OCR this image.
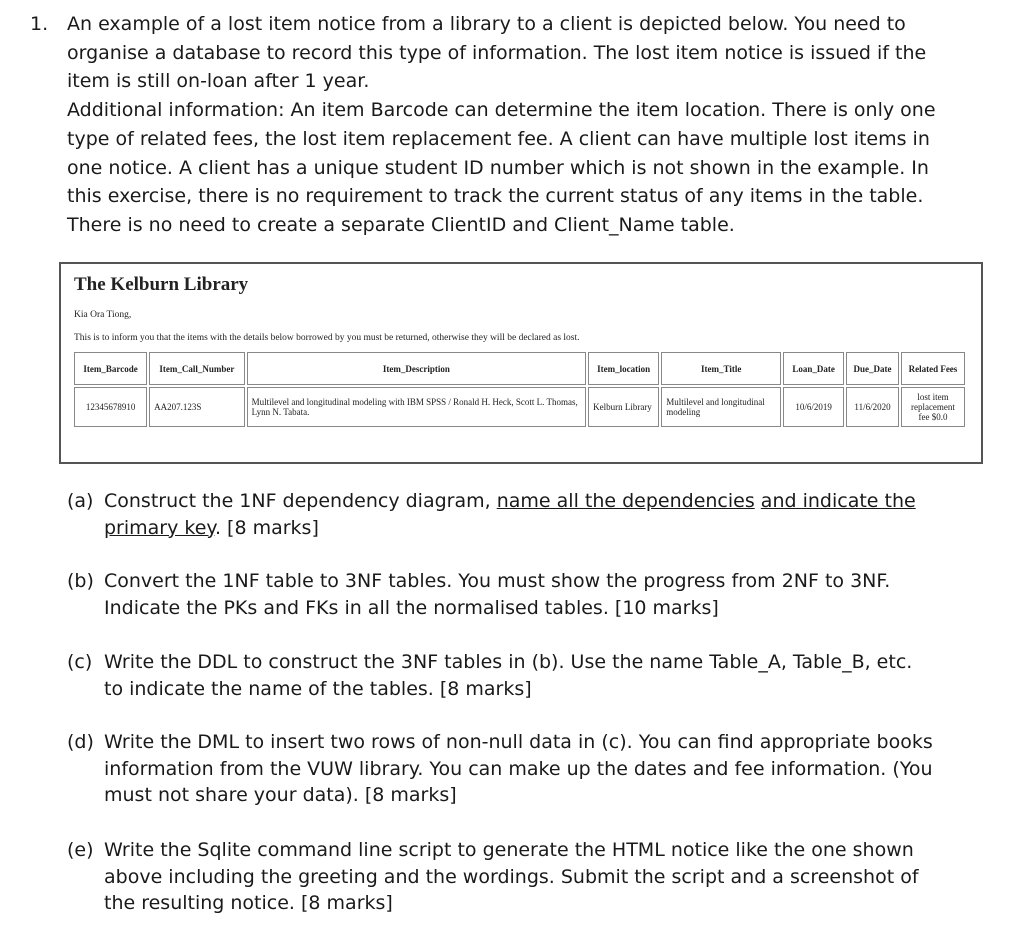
1. An example of a lost item notice from a library to a client is depicted below. You need to organise a database to record this type of information. The lost item notice is issued if the item is still on-loan after 1 year.

Additional information: An item Barcode can determine the item location. There is only one type of related fees, the lost item replacement fee. A client can have multiple lost items in one notice. A client has a unique student ID number which is not shown in the example. In this exercise, there is no requirement to track the current status of any items in the table. There is no need to create a separate ClientID and Client_Name table.

The Kelburn Library
Kia Ora Tiong,
This is to inform you that the items with the details below borrowed by you must be returned, otherwise they will be declared as lost.
Item_Barcode	Item_Call_Number	Item_Description	Item_location	Item_Title	Loan_Date	Due_Date	Related Fees
12345678910	AA207.123S	Multilevel and longitudinal modeling with IBM SPSS / Ronald H. Heck, Scott L. Thomas, Lynn N. Tabata.	Kelburn Library	Multilevel and longitudinal modeling	10/6/2019	11/6/2020	lost item replacement fee $0.0
(a) Construct the 1NF dependency diagram, name all the dependencies and indicate the primary key. [8 marks]
(b) Convert the 1NF table to 3NF tables. You must show the progress from 2NF to 3NF. Indicate the PKs and FKs in all the normalised tables. [10 marks]
(c) Write the DDL to construct the 3NF tables in (b). Use the name Table_A, Table_B, etc. to indicate the name of the tables. [8 marks]
(d) Write the DML to insert two rows of non-null data in (c). You can find appropriate books information from the VUW library. You can make up the dates and fee information. (You must not share your data). [8 marks]
(e) Write the Sqlite command line script to generate the HTML notice like the one shown above including the greeting and the wordings. Submit the script and a screenshot of the resulting notice. [8 marks]
